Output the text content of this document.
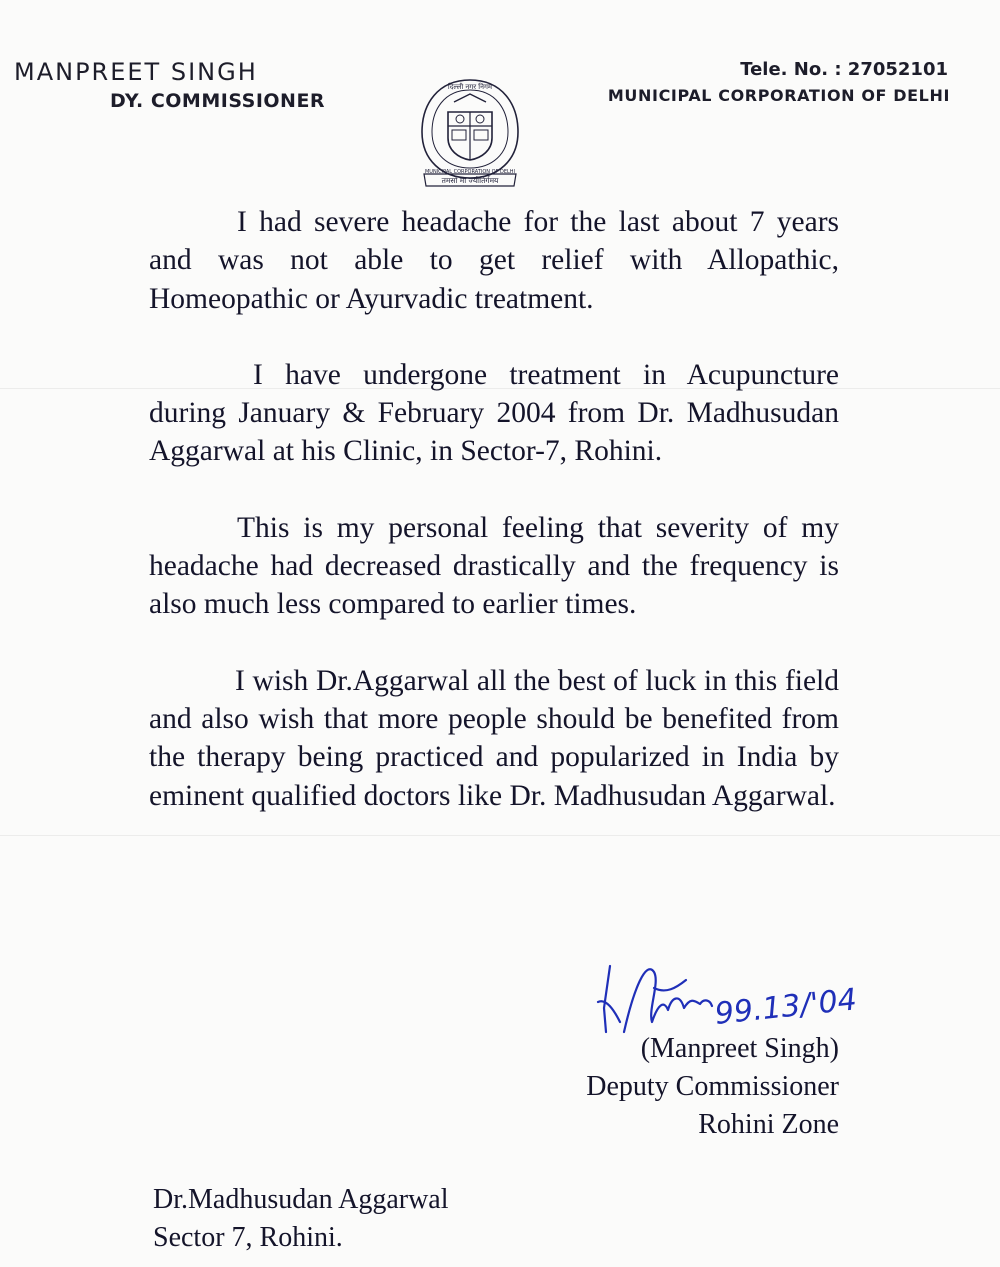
MANPREET SINGH
DY. COMMISSIONER
Tele. No. : 27052101
MUNICIPAL CORPORATION OF DELHI
दिल्ली नगर निगम
तमसो मा ज्योतिर्गमय
MUNICIPAL CORPORATION OF DELHI

I had severe headache for the last about 7 years and was not able to get relief with Allopathic, Homeopathic or Ayurvadic treatment.

I have undergone treatment in Acupuncture during January & February 2004 from Dr. Madhusudan Aggarwal at his Clinic, in Sector-7, Rohini.

This is my personal feeling that severity of my headache had decreased drastically and the frequency is also much less compared to earlier times.

I wish Dr.Aggarwal all the best of luck in this field and also wish that more people should be benefited from the therapy being practiced and popularized in India by eminent qualified doctors like Dr. Madhusudan Aggarwal.

99.13/'04
(Manpreet Singh)
Deputy Commissioner
Rohini Zone
Dr.Madhusudan Aggarwal
Sector 7, Rohini.
